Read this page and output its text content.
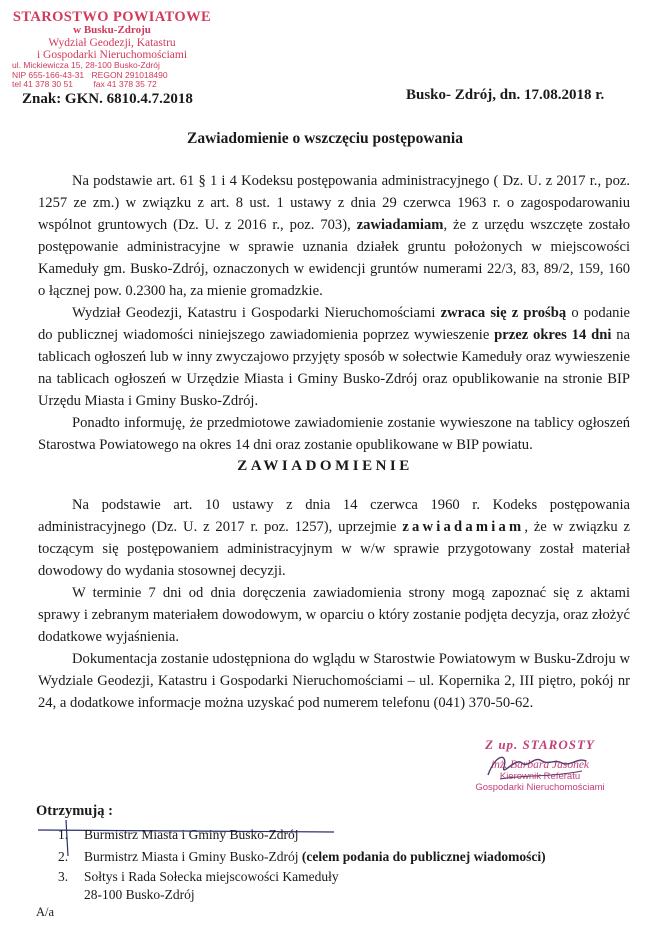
STAROSTWO POWIATOWE
w Busku-Zdroju
Wydział Geodezji, Katastru
i Gospodarki Nieruchomościami
ul. Mickiewicza 15, 28-100 Busko-Zdrój
NIP 655-166-43-31 REGON 291018490
tel 41 378 30 51 fax 41 378 35 72
Znak: GKN. 6810.4.7.2018	Busko- Zdrój, dn. 17.08.2018 r.
Zawiadomienie o wszczęciu postępowania

Na podstawie art. 61 § 1 i 4 Kodeksu postępowania administracyjnego ( Dz. U. z 2017 r., poz. 1257 ze zm.) w związku z art. 8 ust. 1 ustawy z dnia 29 czerwca 1963 r. o zagospodarowaniu wspólnot gruntowych (Dz. U. z 2016 r., poz. 703), zawiadamiam, że z urzędu wszczęte zostało postępowanie administracyjne w sprawie uznania działek gruntu położonych w miejscowości Kameduły gm. Busko-Zdrój, oznaczonych w ewidencji gruntów numerami 22/3, 83, 89/2, 159, 160 o łącznej pow. 0.2300 ha, za mienie gromadzkie.

Wydział Geodezji, Katastru i Gospodarki Nieruchomościami zwraca się z prośbą o podanie do publicznej wiadomości niniejszego zawiadomienia poprzez wywieszenie przez okres 14 dni na tablicach ogłoszeń lub w inny zwyczajowo przyjęty sposób w sołectwie Kameduły oraz wywieszenie na tablicach ogłoszeń w Urzędzie Miasta i Gminy Busko-Zdrój oraz opublikowanie na stronie BIP Urzędu Miasta i Gminy Busko-Zdrój.

Ponadto informuję, że przedmiotowe zawiadomienie zostanie wywieszone na tablicy ogłoszeń Starostwa Powiatowego na okres 14 dni oraz zostanie opublikowane w BIP powiatu.

ZAWIADOMIENIE

Na podstawie art. 10 ustawy z dnia 14 czerwca 1960 r. Kodeks postępowania administracyjnego (Dz. U. z 2017 r. poz. 1257), uprzejmie zawiadamiam, że w związku z toczącym się postępowaniem administracyjnym w w/w sprawie przygotowany został materiał dowodowy do wydania stosownej decyzji.

W terminie 7 dni od dnia doręczenia zawiadomienia strony mogą zapoznać się z aktami sprawy i zebranym materiałem dowodowym, w oparciu o który zostanie podjęta decyzja, oraz złożyć dodatkowe wyjaśnienia.

Dokumentacja zostanie udostępniona do wglądu w Starostwie Powiatowym w Busku-Zdroju w Wydziale Geodezji, Katastru i Gospodarki Nieruchomościami – ul. Kopernika 2, III piętro, pokój nr 24, a dodatkowe informacje można uzyskać pod numerem telefonu (041) 370-50-62.

Z up. STAROSTY
inż. Barbara Jasonek
Kierownik Referatu
Gospodarki Nieruchomościami
Otrzymują :
1. Burmistrz Miasta i Gminy Busko-Zdrój
2. Burmistrz Miasta i Gminy Busko-Zdrój (celem podania do publicznej wiadomości)
3. Sołtys i Rada Sołecka miejscowości Kameduły
28-100 Busko-Zdrój
A/a
